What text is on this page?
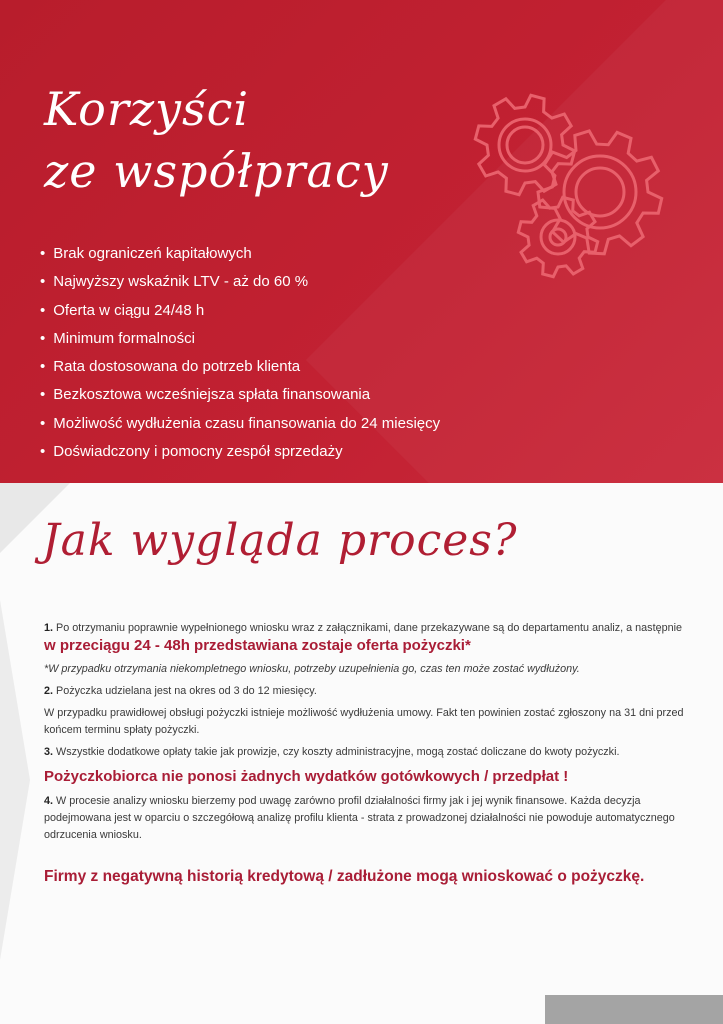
Korzyści
ze współpracy
• Brak ograniczeń kapitałowych
• Najwyższy wskaźnik LTV - aż do 60 %
• Oferta w ciągu 24/48 h
• Minimum formalności
• Rata dostosowana do potrzeb klienta
• Bezkosztowa wcześniejsza spłata finansowania
• Możliwość wydłużenia czasu finansowania do 24 miesięcy
• Doświadczony i pomocny zespół sprzedaży
Jak wygląda proces?

1. Po otrzymaniu poprawnie wypełnionego wniosku wraz z załącznikami, dane przekazywane są do departamentu analiz, a następnie w przeciągu 24 - 48h przedstawiana zostaje oferta pożyczki*

*W przypadku otrzymania niekompletnego wniosku, potrzeby uzupełnienia go, czas ten może zostać wydłużony.

2. Pożyczka udzielana jest na okres od 3 do 12 miesięcy.

W przypadku prawidłowej obsługi pożyczki istnieje możliwość wydłużenia umowy. Fakt ten powinien zostać zgłoszony na 31 dni przed końcem terminu spłaty pożyczki.

3. Wszystkie dodatkowe opłaty takie jak prowizje, czy koszty administracyjne, mogą zostać doliczane do kwoty pożyczki.

Pożyczkobiorca nie ponosi żadnych wydatków gotówkowych / przedpłat !

4. W procesie analizy wniosku bierzemy pod uwagę zarówno profil działalności firmy jak i jej wynik finansowe. Każda decyzja podejmowana jest w oparciu o szczegółową analizę profilu klienta - strata z prowadzonej działalności nie powoduje automatycznego odrzucenia wniosku.

Firmy z negatywną historią kredytową / zadłużone mogą wnioskować o pożyczkę.
